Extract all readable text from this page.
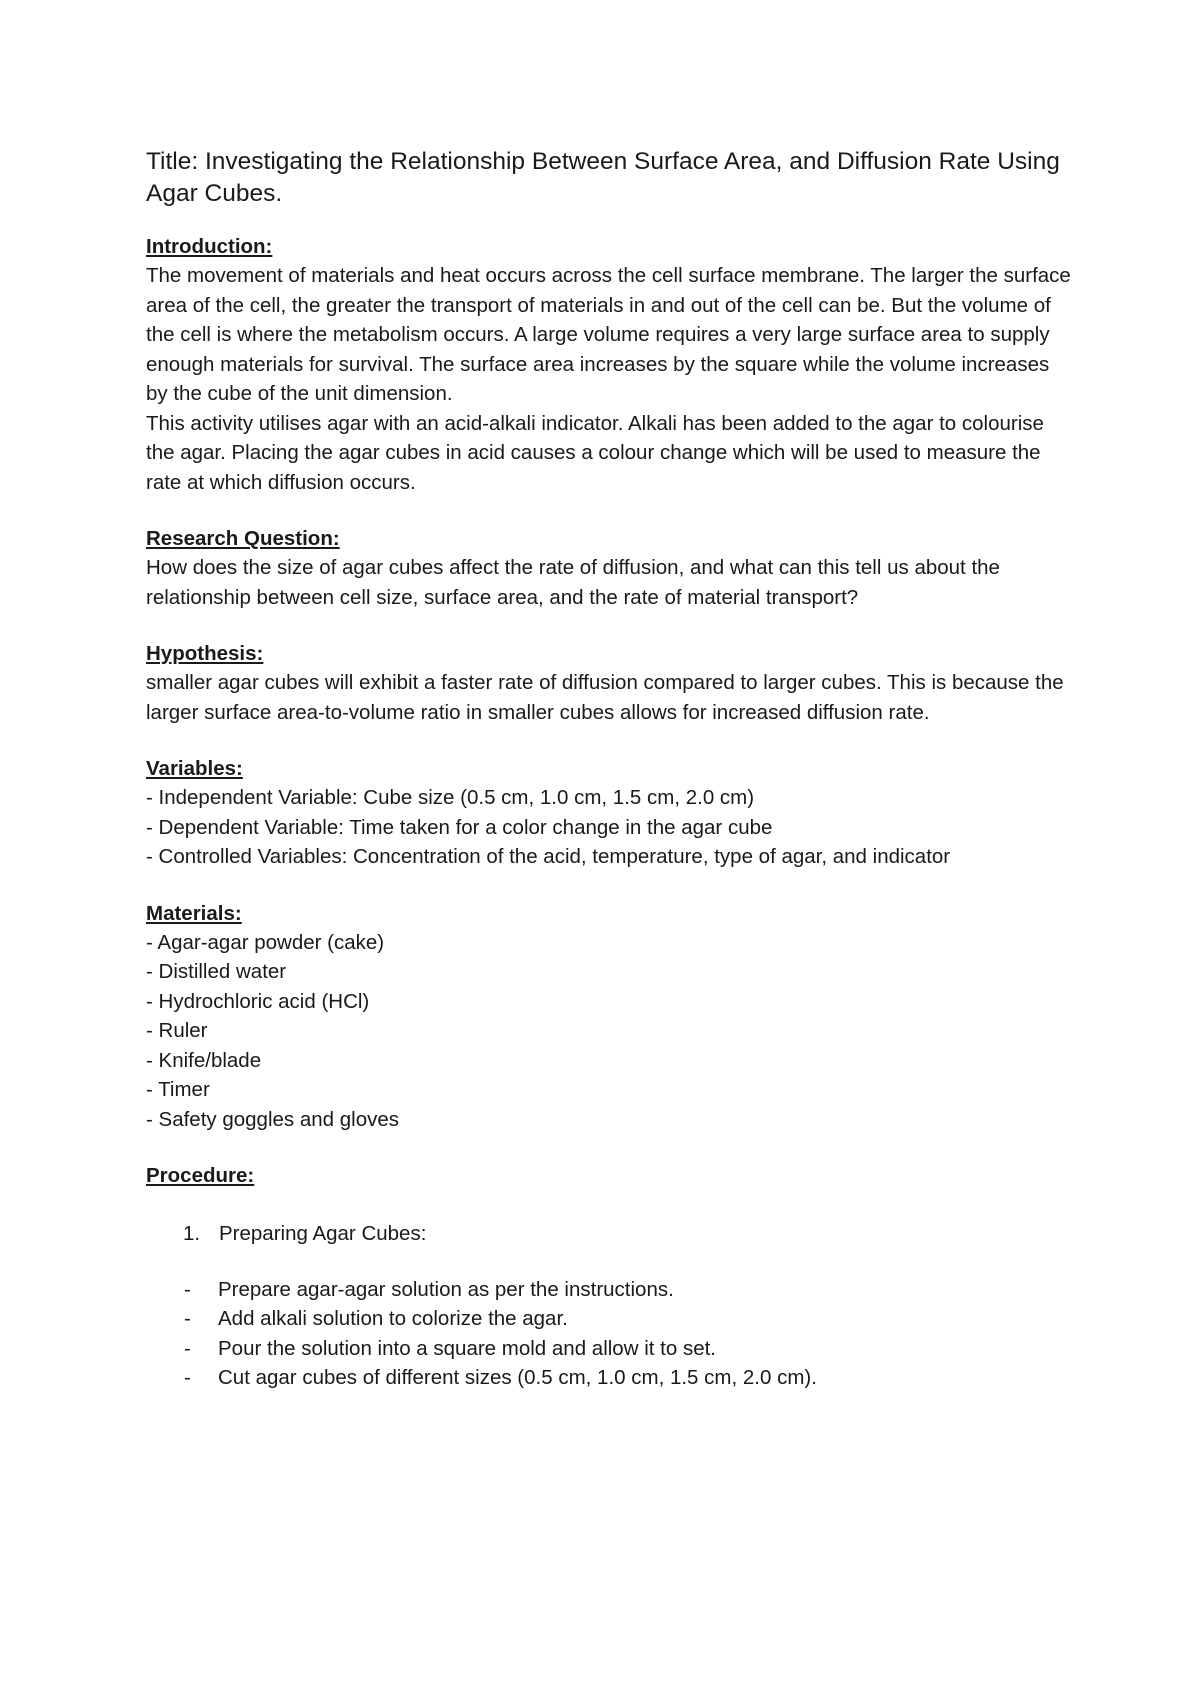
Title: Investigating the Relationship Between Surface Area, and Diffusion Rate Using Agar Cubes.

Introduction:

The movement of materials and heat occurs across the cell surface membrane. The larger the surface area of the cell, the greater the transport of materials in and out of the cell can be. But the volume of the cell is where the metabolism occurs. A large volume requires a very large surface area to supply enough materials for survival. The surface area increases by the square while the volume increases by the cube of the unit dimension.

This activity utilises agar with an acid-alkali indicator. Alkali has been added to the agar to colourise the agar. Placing the agar cubes in acid causes a colour change which will be used to measure the rate at which diffusion occurs.

Research Question:

How does the size of agar cubes affect the rate of diffusion, and what can this tell us about the relationship between cell size, surface area, and the rate of material transport?

Hypothesis:

smaller agar cubes will exhibit a faster rate of diffusion compared to larger cubes. This is because the larger surface area-to-volume ratio in smaller cubes allows for increased diffusion rate.

Variables:

- Independent Variable: Cube size (0.5 cm, 1.0 cm, 1.5 cm, 2.0 cm)
- Dependent Variable: Time taken for a color change in the agar cube
- Controlled Variables: Concentration of the acid, temperature, type of agar, and indicator

Materials:

- Agar-agar powder (cake)
- Distilled water
- Hydrochloric acid (HCl)
- Ruler
- Knife/blade
- Timer
- Safety goggles and gloves

Procedure:

1. Preparing Agar Cubes:
-	Prepare agar-agar solution as per the instructions.
-	Add alkali solution to colorize the agar.
-	Pour the solution into a square mold and allow it to set.
-	Cut agar cubes of different sizes (0.5 cm, 1.0 cm, 1.5 cm, 2.0 cm).
